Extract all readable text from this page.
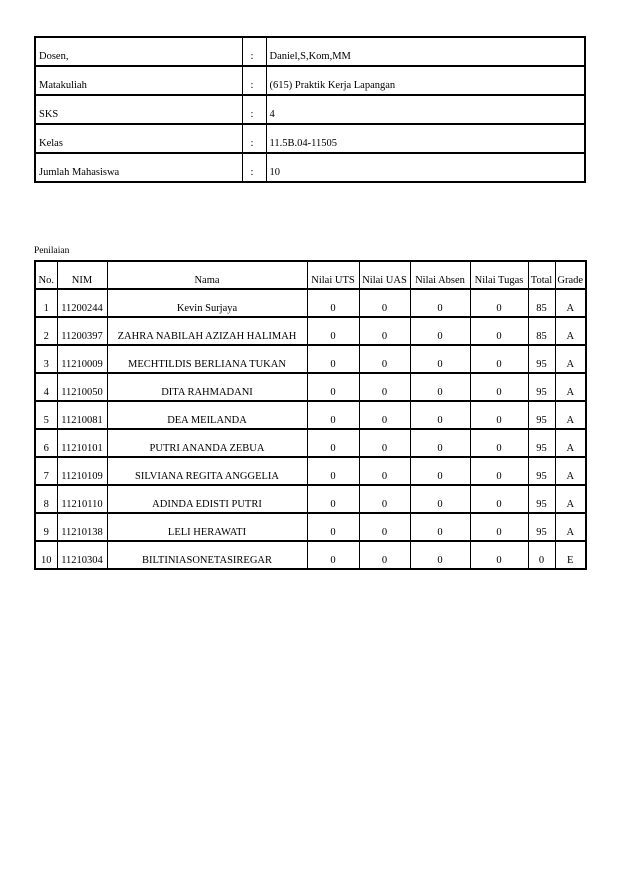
Dosen,	:	Daniel,S,Kom,MM
Matakuliah	:	(615) Praktik Kerja Lapangan
SKS	:	4
Kelas	:	11.5B.04-11505
Jumlah Mahasiswa	:	10
Penilaian
No.	NIM	Nama	Nilai UTS	Nilai UAS	Nilai Absen	Nilai Tugas	Total	Grade
1	11200244	Kevin Surjaya	0	0	0	0	85	A
2	11200397	ZAHRA NABILAH AZIZAH HALIMAH	0	0	0	0	85	A
3	11210009	MECHTILDIS BERLIANA TUKAN	0	0	0	0	95	A
4	11210050	DITA RAHMADANI	0	0	0	0	95	A
5	11210081	DEA MEILANDA	0	0	0	0	95	A
6	11210101	PUTRI ANANDA ZEBUA	0	0	0	0	95	A
7	11210109	SILVIANA REGITA ANGGELIA	0	0	0	0	95	A
8	11210110	ADINDA EDISTI PUTRI	0	0	0	0	95	A
9	11210138	LELI HERAWATI	0	0	0	0	95	A
10	11210304	BILTINIASONETASIREGAR	0	0	0	0	0	E
